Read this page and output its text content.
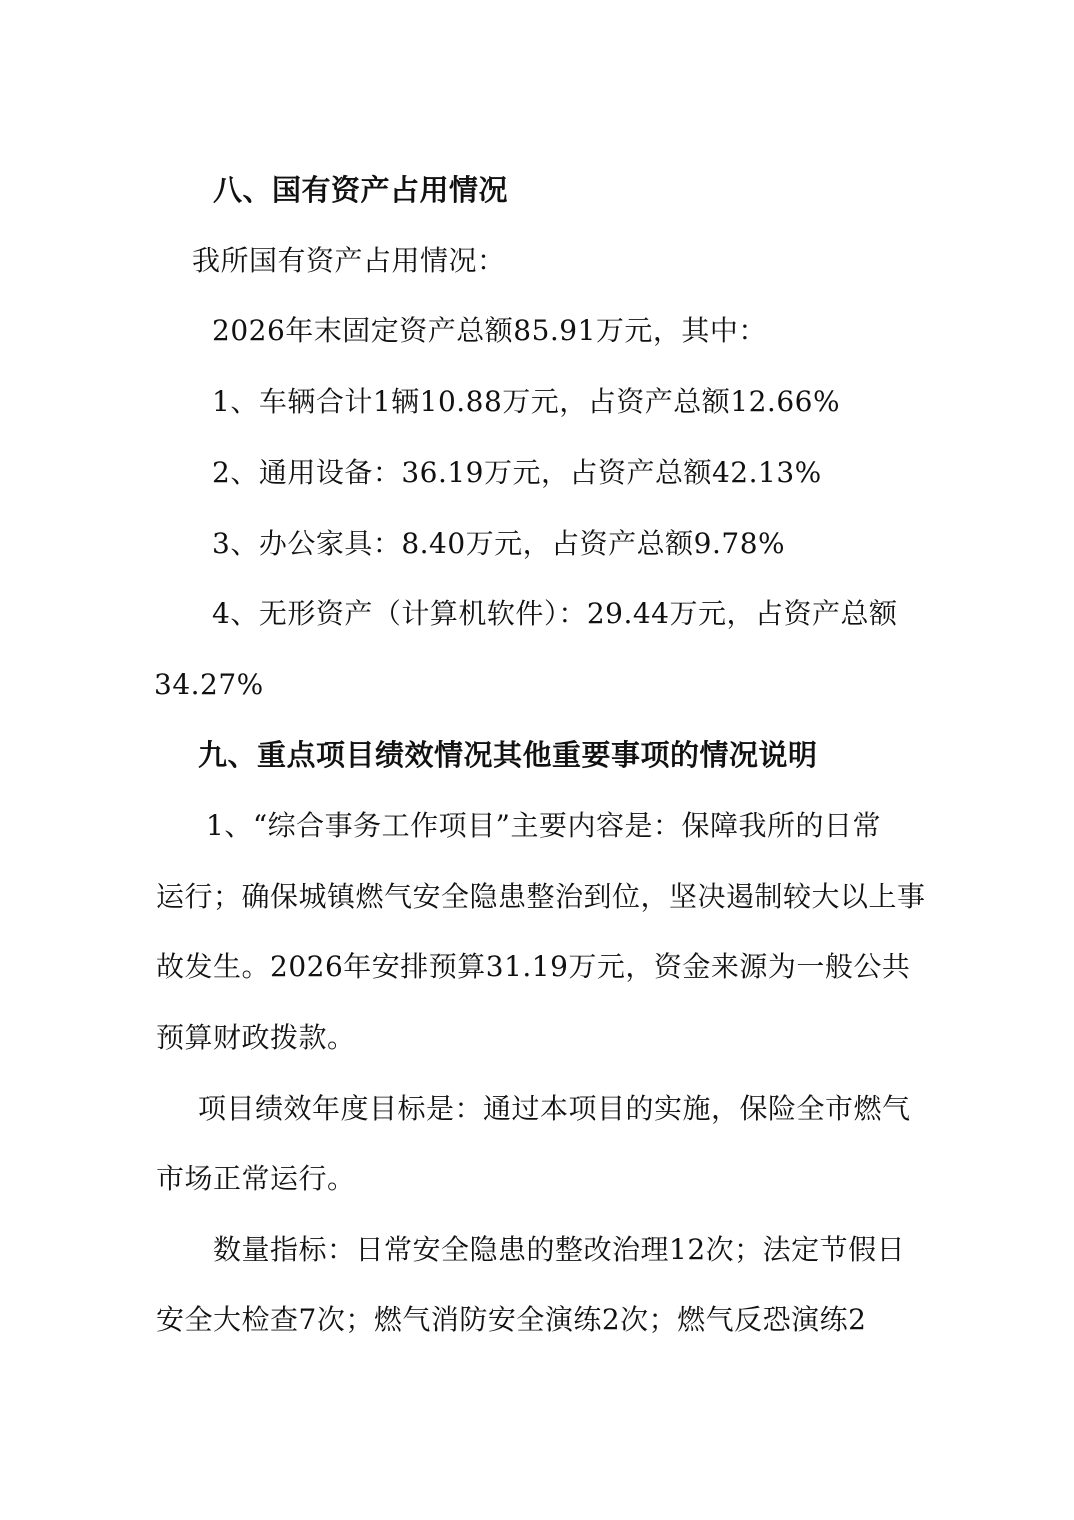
八、国有资产占用情况
我所国有资产占用情况：
2026年末固定资产总额85.91万元，其中：
1、车辆合计1辆10.88万元，占资产总额12.66%
2、通用设备：36.19万元，占资产总额42.13%
3、办公家具：8.40万元，占资产总额9.78%
4、无形资产（计算机软件）：29.44万元，占资产总额
34.27%
九、重点项目绩效情况其他重要事项的情况说明
1、“综合事务工作项目”主要内容是：保障我所的日常
运行；确保城镇燃气安全隐患整治到位，坚决遏制较大以上事
故发生。2026年安排预算31.19万元，资金来源为一般公共
预算财政拨款。
项目绩效年度目标是：通过本项目的实施，保险全市燃气
市场正常运行。
数量指标：日常安全隐患的整改治理12次；法定节假日
安全大检查7次；燃气消防安全演练2次；燃气反恐演练2
